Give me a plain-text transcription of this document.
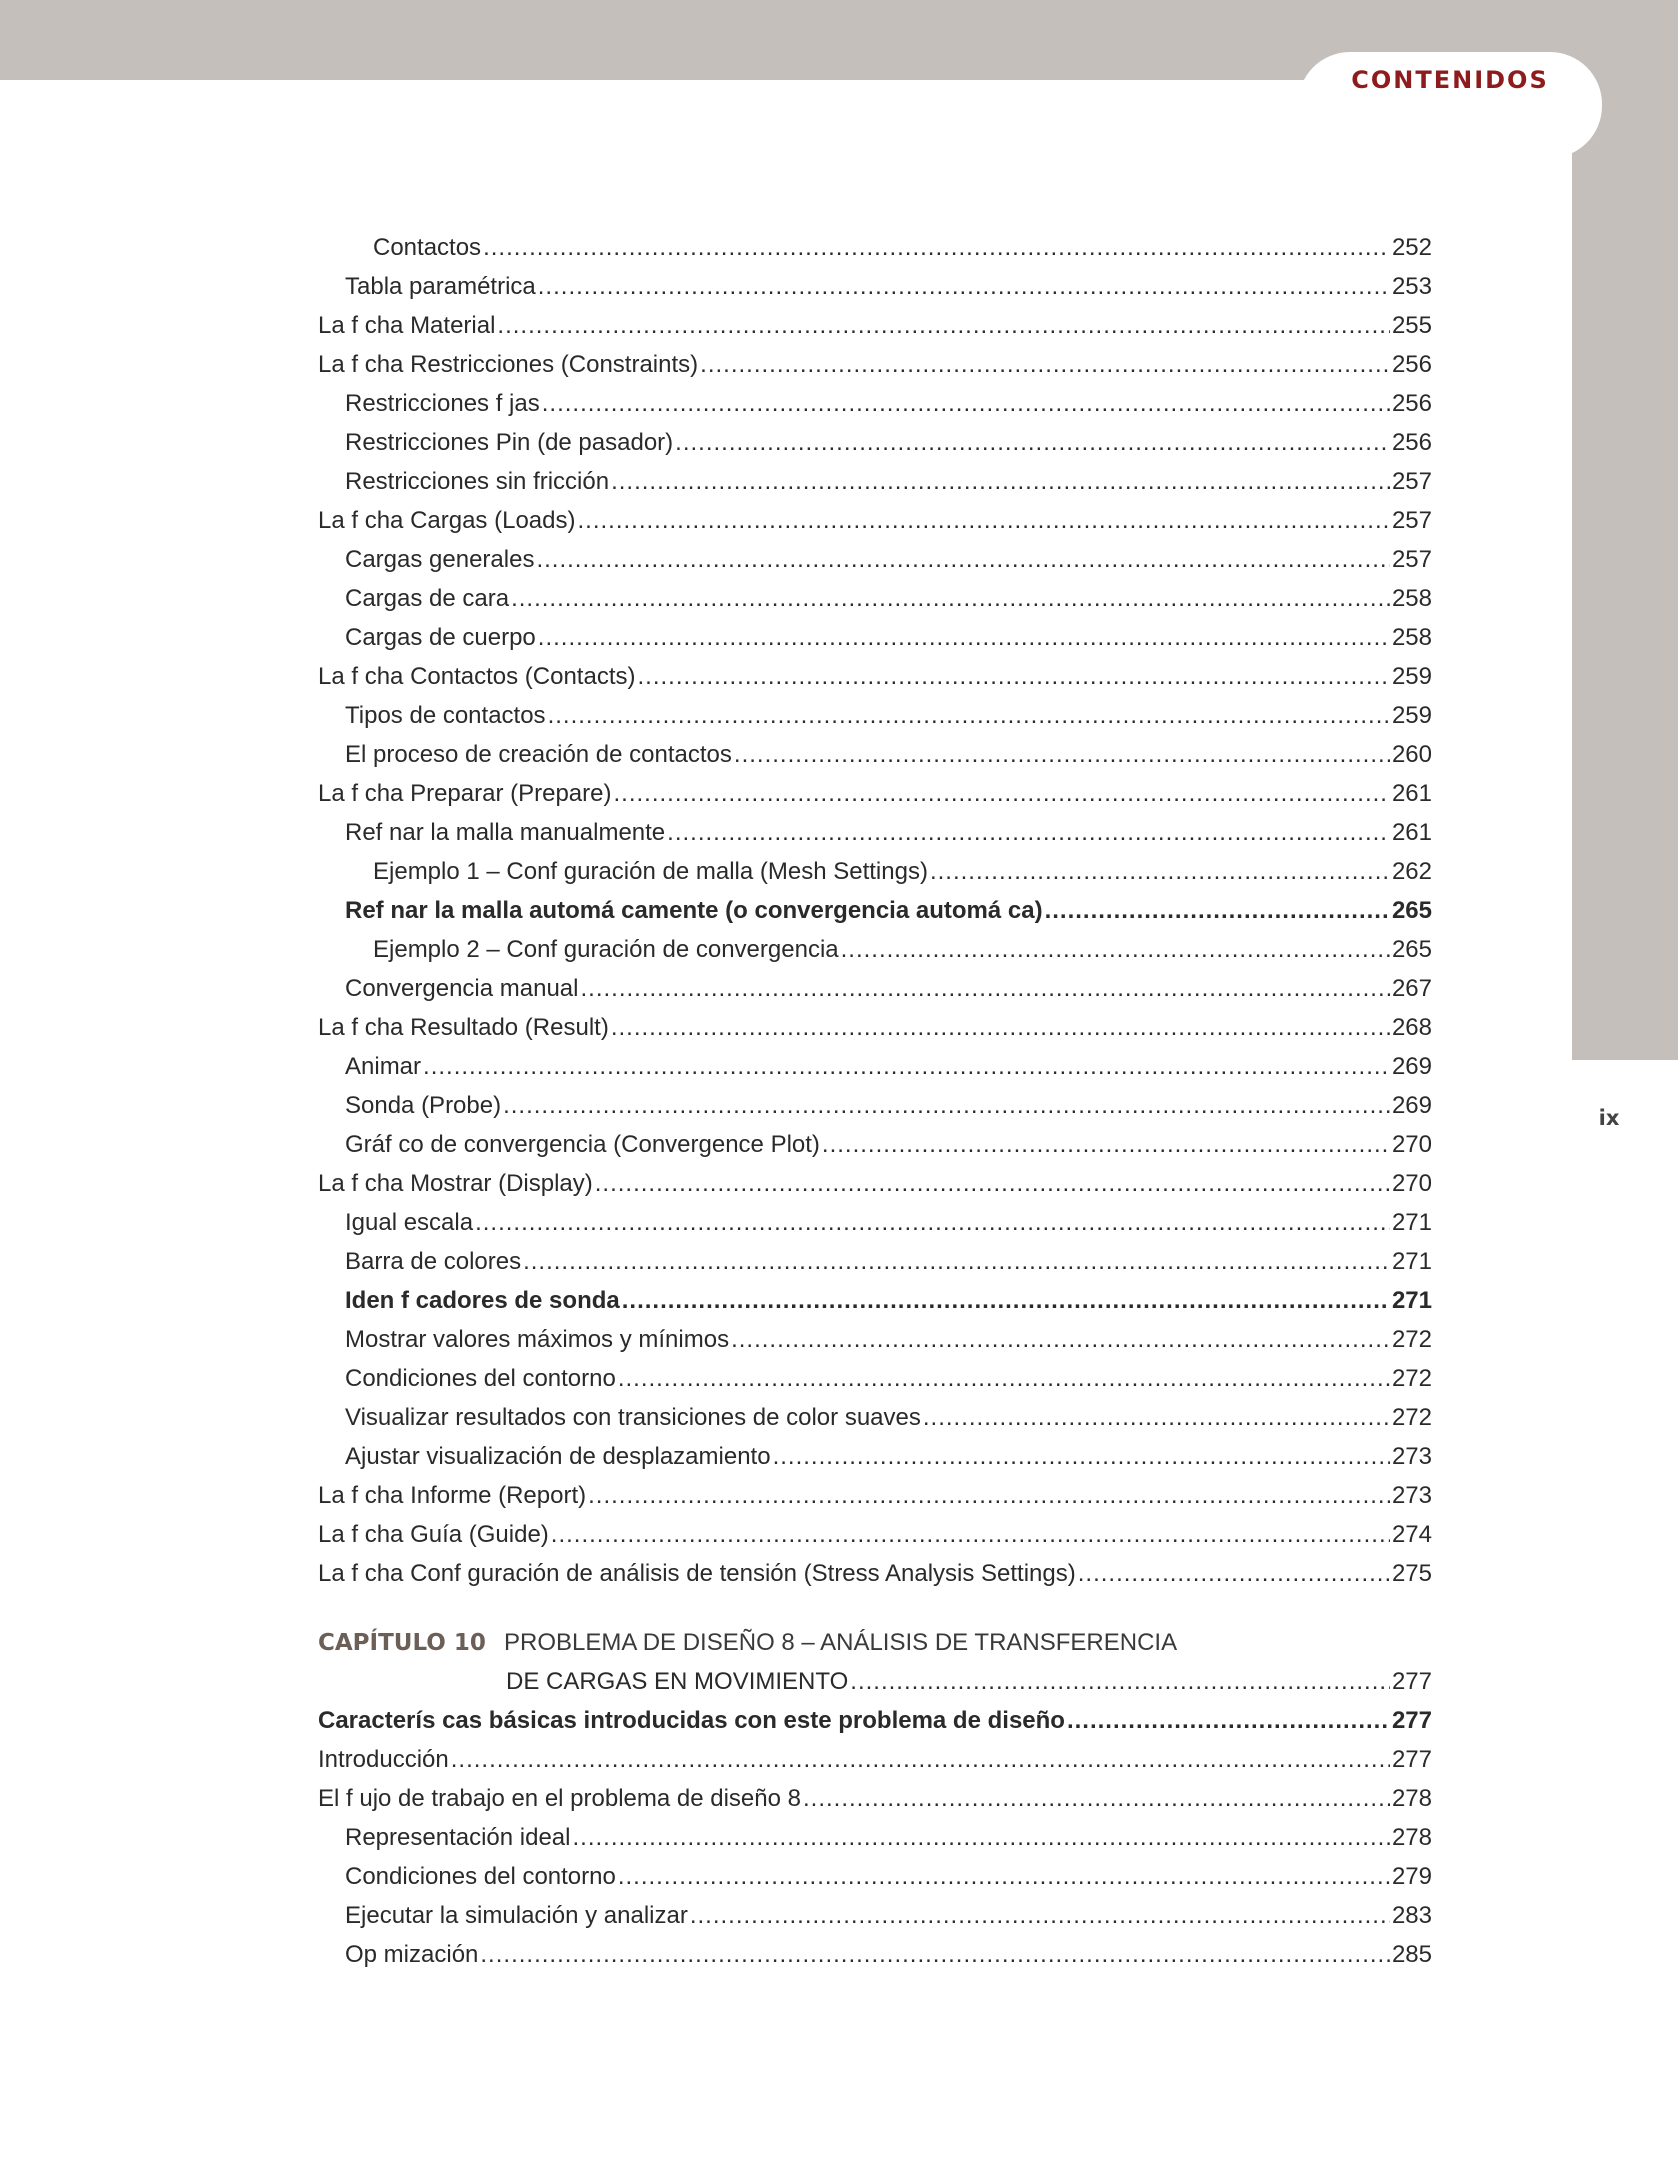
CONTENIDOS
ix
Contactos .....	252
Tabla paramétrica .....	253
La f cha Material .....	255
La f cha Restricciones (Constraints) .....	256
Restricciones f jas .....	256
Restricciones Pin (de pasador) .....	256
Restricciones sin fricción .....	257
La f cha Cargas (Loads) .....	257
Cargas generales .....	257
Cargas de cara .....	258
Cargas de cuerpo .....	258
La f cha Contactos (Contacts) .....	259
Tipos de contactos .....	259
El proceso de creación de contactos .....	260
La f cha Preparar (Prepare) .....	261
Ref nar la malla manualmente .....	261
Ejemplo 1 – Conf guración de malla (Mesh Settings) .....	262
Ref nar la malla automá camente (o convergencia automá ca) .....	265
Ejemplo 2 – Conf guración de convergencia .....	265
Convergencia manual .....	267
La f cha Resultado (Result) .....	268
Animar .....	269
Sonda (Probe) .....	269
Gráf co de convergencia (Convergence Plot) .....	270
La f cha Mostrar (Display) .....	270
Igual escala .....	271
Barra de colores .....	271
Iden f cadores de sonda .....	271
Mostrar valores máximos y mínimos .....	272
Condiciones del contorno .....	272
Visualizar resultados con transiciones de color suaves .....	272
Ajustar visualización de desplazamiento .....	273
La f cha Informe (Report) .....	273
La f cha Guía (Guide) .....	274
La f cha Conf guración de análisis de tensión (Stress Analysis Settings) .....	275
CAPÍTULO 10 PROBLEMA DE DISEÑO 8 – ANÁLISIS DE TRANSFERENCIA
DE CARGAS EN MOVIMIENTO .....	277
Caracterís cas básicas introducidas con este problema de diseño .....	277
Introducción .....	277
El f ujo de trabajo en el problema de diseño 8 .....	278
Representación ideal .....	278
Condiciones del contorno .....	279
Ejecutar la simulación y analizar .....	283
Op mización .....	285
